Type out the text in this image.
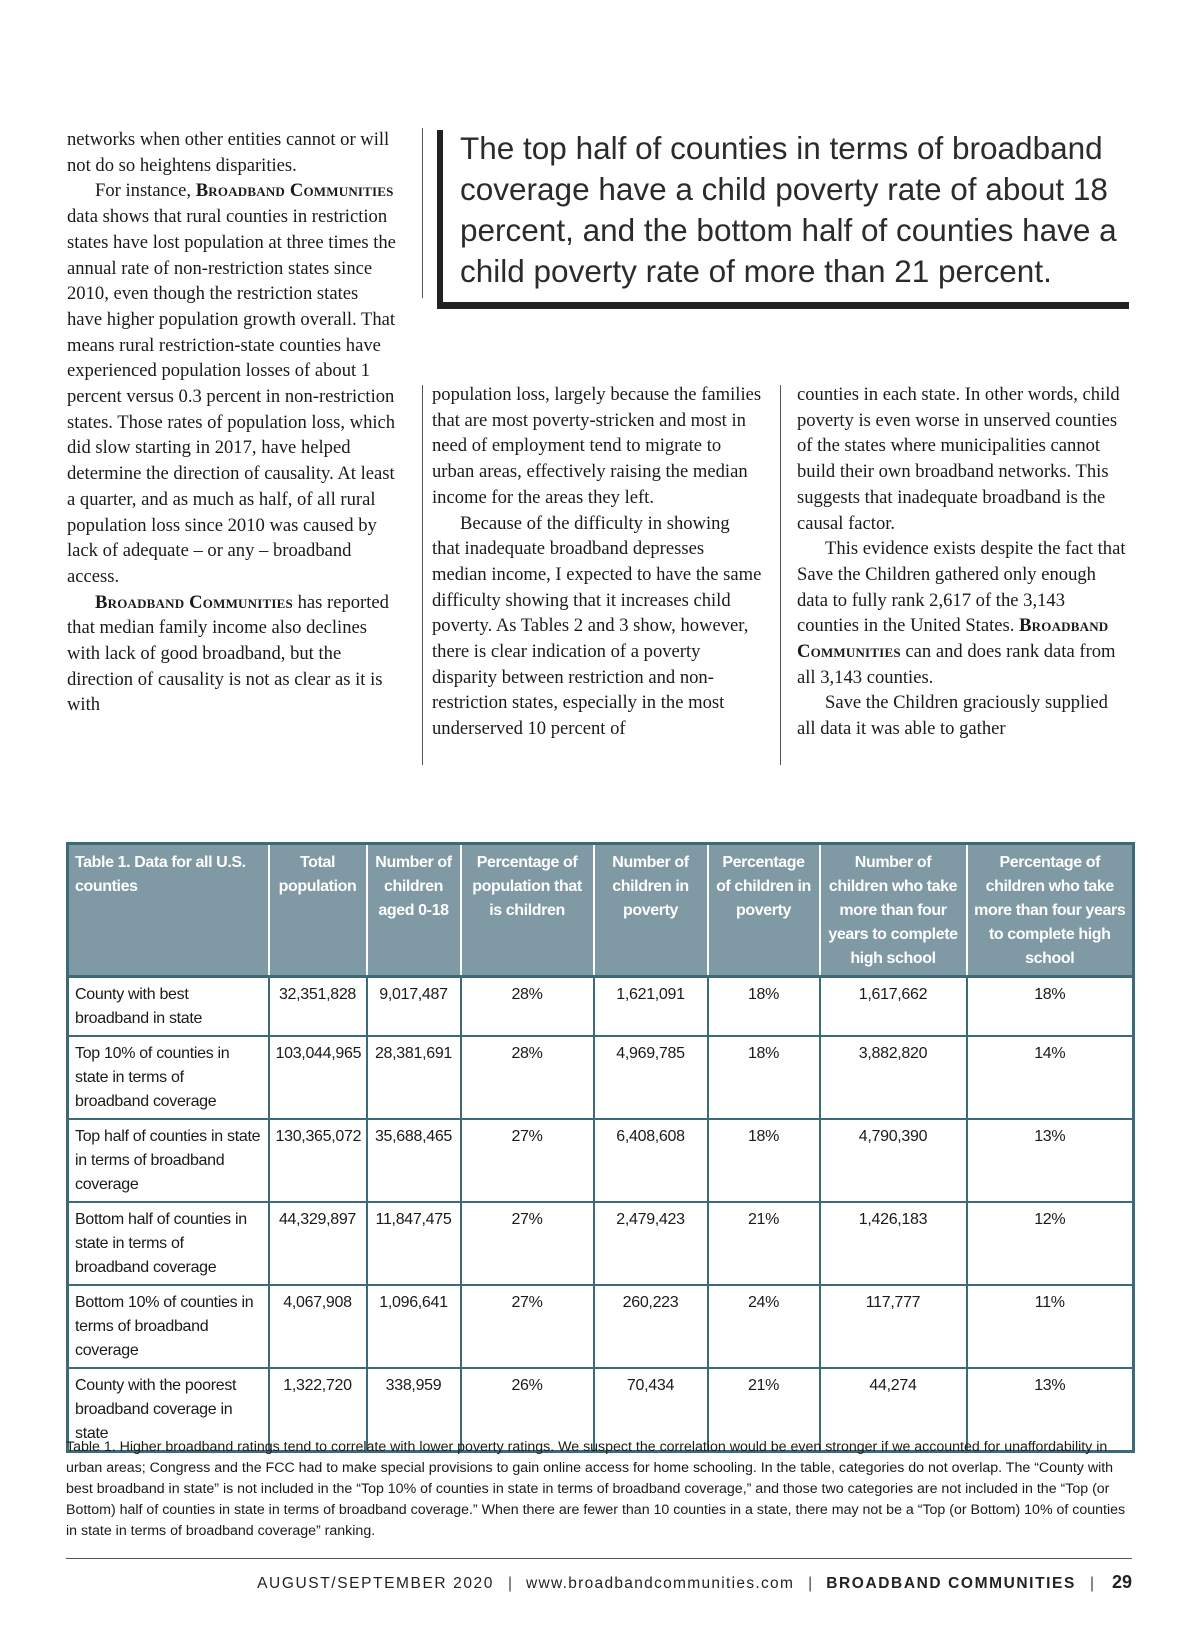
networks when other entities cannot or will not do so heightens disparities.

For instance, Broadband Communities data shows that rural counties in restriction states have lost population at three times the annual rate of non-restriction states since 2010, even though the restriction states have higher population growth overall. That means rural restriction-state counties have experienced population losses of about 1 percent versus 0.3 percent in non-restriction states. Those rates of population loss, which did slow starting in 2017, have helped determine the direction of causality. At least a quarter, and as much as half, of all rural population loss since 2010 was caused by lack of adequate – or any – broadband access.

Broadband Communities has reported that median family income also declines with lack of good broadband, but the direction of causality is not as clear as it is with

The top half of counties in terms of broadband coverage have a child poverty rate of about 18 percent, and the bottom half of counties have a child poverty rate of more than 21 percent.

population loss, largely because the families that are most poverty-stricken and most in need of employment tend to migrate to urban areas, effectively raising the median income for the areas they left.

Because of the difficulty in showing that inadequate broadband depresses median income, I expected to have the same difficulty showing that it increases child poverty. As Tables 2 and 3 show, however, there is clear indication of a poverty disparity between restriction and non-restriction states, especially in the most underserved 10 percent of

counties in each state. In other words, child poverty is even worse in unserved counties of the states where municipalities cannot build their own broadband networks. This suggests that inadequate broadband is the causal factor.

This evidence exists despite the fact that Save the Children gathered only enough data to fully rank 2,617 of the 3,143 counties in the United States. Broadband Communities can and does rank data from all 3,143 counties.

Save the Children graciously supplied all data it was able to gather

Table 1. Data for all U.S. counties	Total population	Number of children aged 0-18	Percentage of population that is children	Number of children in poverty	Percentage of children in poverty	Number of children who take more than four years to complete high school	Percentage of children who take more than four years to complete high school
County with best broadband in state	32,351,828	9,017,487	28%	1,621,091	18%	1,617,662	18%
Top 10% of counties in state in terms of broadband coverage	103,044,965	28,381,691	28%	4,969,785	18%	3,882,820	14%
Top half of counties in state in terms of broadband coverage	130,365,072	35,688,465	27%	6,408,608	18%	4,790,390	13%
Bottom half of counties in state in terms of broadband coverage	44,329,897	11,847,475	27%	2,479,423	21%	1,426,183	12%
Bottom 10% of counties in terms of broadband coverage	4,067,908	1,096,641	27%	260,223	24%	117,777	11%
County with the poorest broadband coverage in state	1,322,720	338,959	26%	70,434	21%	44,274	13%

Table 1. Higher broadband ratings tend to correlate with lower poverty ratings. We suspect the correlation would be even stronger if we accounted for unaffordability in urban areas; Congress and the FCC had to make special provisions to gain online access for home schooling. In the table, categories do not overlap. The “County with best broadband in state” is not included in the “Top 10% of counties in state in terms of broadband coverage,” and those two categories are not included in the “Top (or Bottom) half of counties in state in terms of broadband coverage.” When there are fewer than 10 counties in a state, there may not be a “Top (or Bottom) 10% of counties in state in terms of broadband coverage” ranking.

AUGUST/SEPTEMBER 2020 | www.broadbandcommunities.com | BROADBAND COMMUNITIES | 29
